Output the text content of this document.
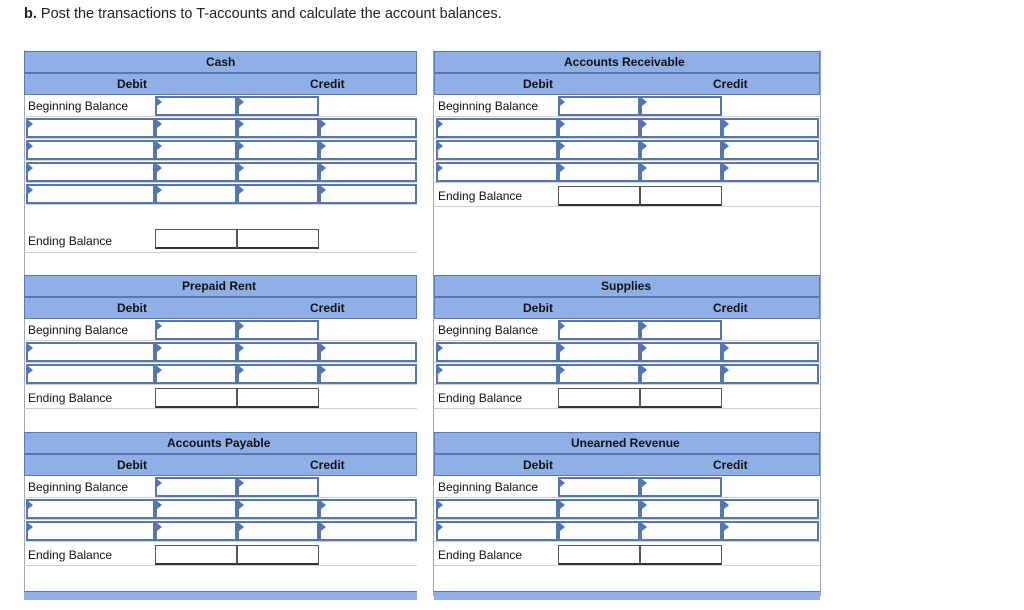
b. Post the transactions to T-accounts and calculate the account balances.
Cash
Debit	Credit
Beginning Balance
Ending Balance
Accounts Receivable
Debit	Credit
Beginning Balance
Ending Balance
Prepaid Rent
Debit	Credit
Beginning Balance
Ending Balance
Supplies
Debit	Credit
Beginning Balance
Ending Balance
Accounts Payable
Debit	Credit
Beginning Balance
Ending Balance
Unearned Revenue
Debit	Credit
Beginning Balance
Ending Balance
